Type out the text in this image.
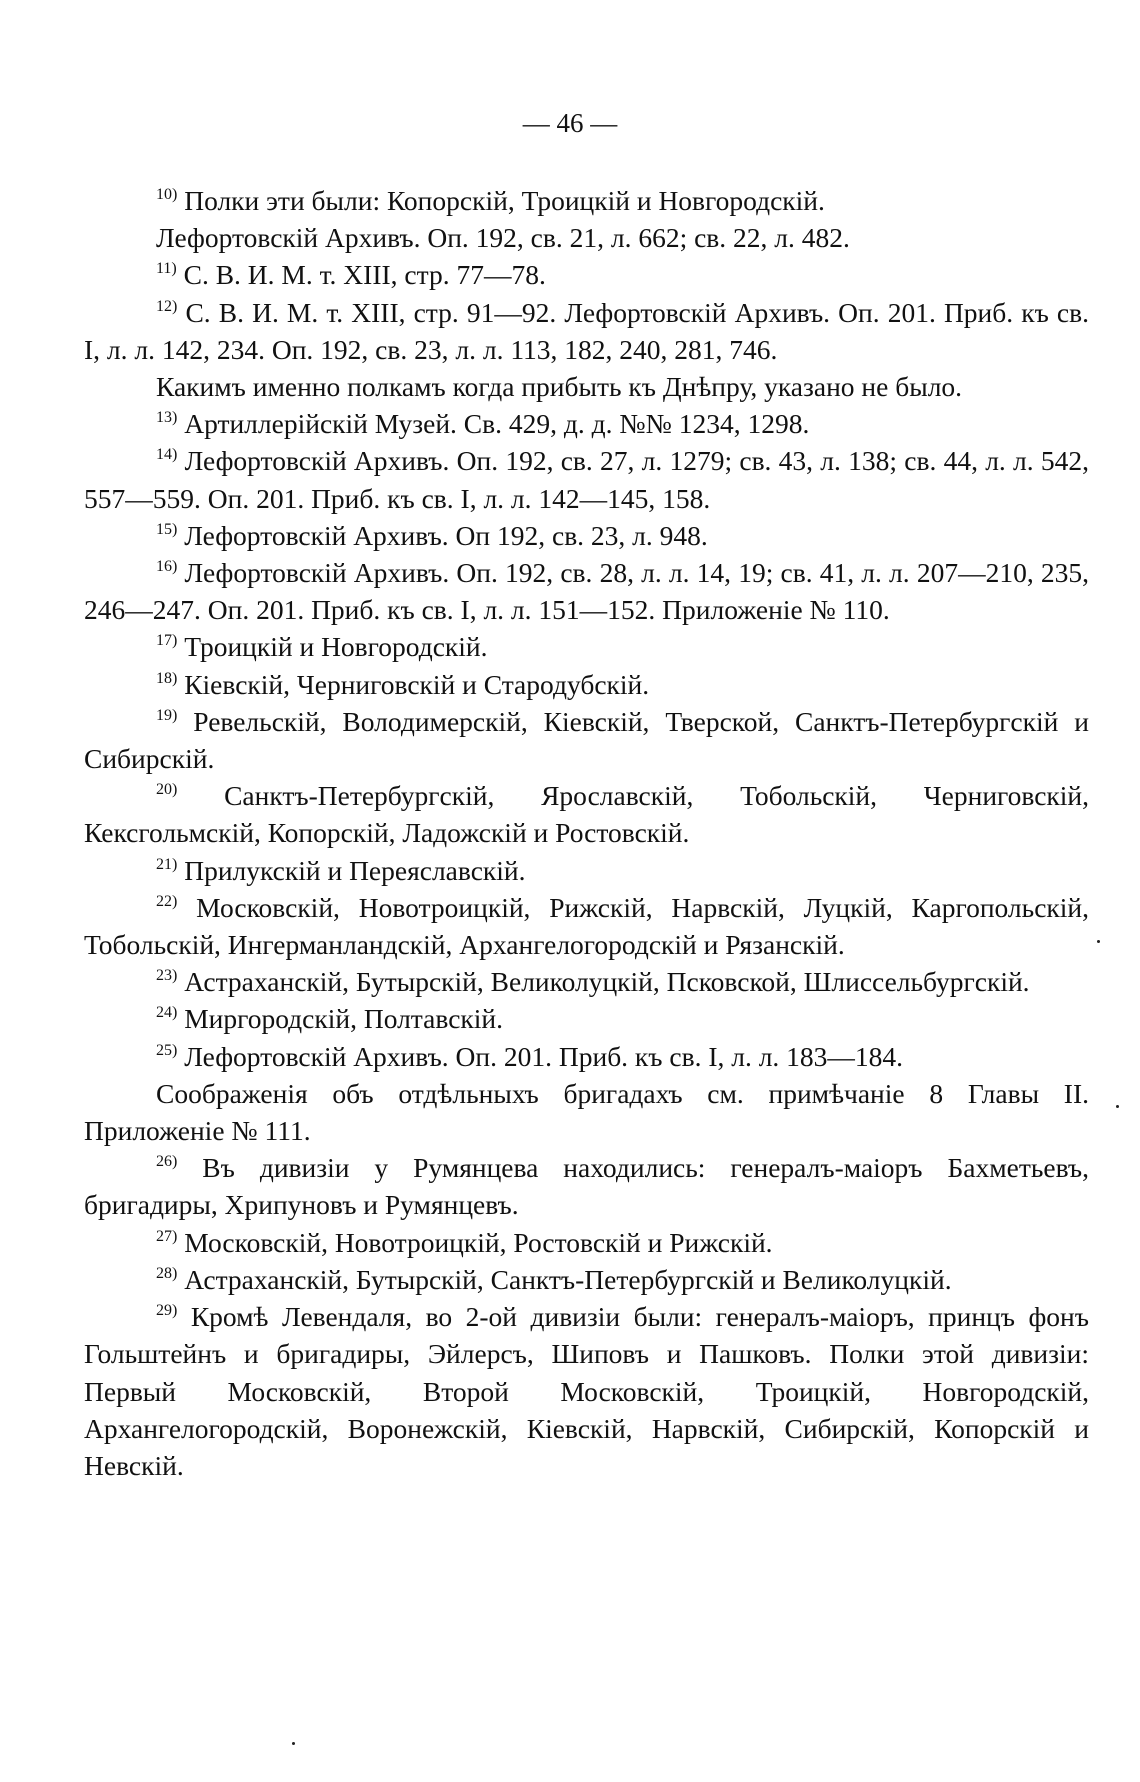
— 46 —

$^{10)}$ Полки эти были: Копорскій, Троицкій и Новгородскій.

Лефортовскій Архивъ. Оп. 192, св. 21, л. 662; св. 22, л. 482.

$^{11)}$ С. В. И. М. т. XIII, стр. 77—78.

$^{12)}$ С. В. И. М. т. XIII, стр. 91—92. Лефортовскій Архивъ. Оп. 201. Приб. къ св. I, л. л. 142, 234. Оп. 192, св. 23, л. л. 113, 182, 240, 281, 746.

Какимъ именно полкамъ когда прибыть къ Днѣпру, указано не было.

$^{13)}$ Артиллерійскій Музей. Св. 429, д. д. №№ 1234, 1298.

$^{14)}$ Лефортовскій Архивъ. Оп. 192, св. 27, л. 1279; св. 43, л. 138; св. 44, л. л. 542, 557—559. Оп. 201. Приб. къ св. I, л. л. 142—145, 158.

$^{15)}$ Лефортовскій Архивъ. Оп 192, св. 23, л. 948.

$^{16)}$ Лефортовскій Архивъ. Оп. 192, св. 28, л. л. 14, 19; св. 41, л. л. 207—210, 235, 246—247. Оп. 201. Приб. къ св. I, л. л. 151—152. Приложеніе № 110.

$^{17)}$ Троицкій и Новгородскій.

$^{18)}$ Кіевскій, Черниговскій и Стародубскій.

$^{19)}$ Ревельскій, Володимерскій, Кіевскій, Тверской, Санктъ-Петербургскій и Сибирскій.

$^{20)}$ Санктъ-Петербургскій, Ярославскій, Тобольскій, Черниговскій, Кексгольмскій, Копорскій, Ладожскій и Ростовскій.

$^{21)}$ Прилукскій и Переяславскій.

$^{22)}$ Московскій, Новотроицкій, Рижскій, Нарвскій, Луцкій, Каргопольскій, Тобольскій, Ингерманландскій, Архангелогородскій и Рязанскій.

$^{23)}$ Астраханскій, Бутырскій, Великолуцкій, Псковской, Шлиссельбургскій.

$^{24)}$ Миргородскій, Полтавскій.

$^{25)}$ Лефортовскій Архивъ. Оп. 201. Приб. къ св. I, л. л. 183—184.

Соображенія объ отдѣльныхъ бригадахъ см. примѣчаніе 8 Главы II. Приложеніе № 111.

$^{26)}$ Въ дивизіи у Румянцева находились: генералъ-маіоръ Бахметьевъ, бригадиры, Хрипуновъ и Румянцевъ.

$^{27)}$ Московскій, Новотроицкій, Ростовскій и Рижскій.

$^{28)}$ Астраханскій, Бутырскій, Санктъ-Петербургскій и Великолуцкій.

$^{29)}$ Кромѣ Левендаля, во 2-ой дивизіи были: генералъ-маіоръ, принцъ фонъ Гольштейнъ и бригадиры, Эйлерсъ, Шиповъ и Пашковъ. Полки этой дивизіи: Первый Московскій, Второй Московскій, Троицкій, Новгородскій, Архангелогородскій, Воронежскій, Кіевскій, Нарвскій, Сибирскій, Копорскій и Невскій.
